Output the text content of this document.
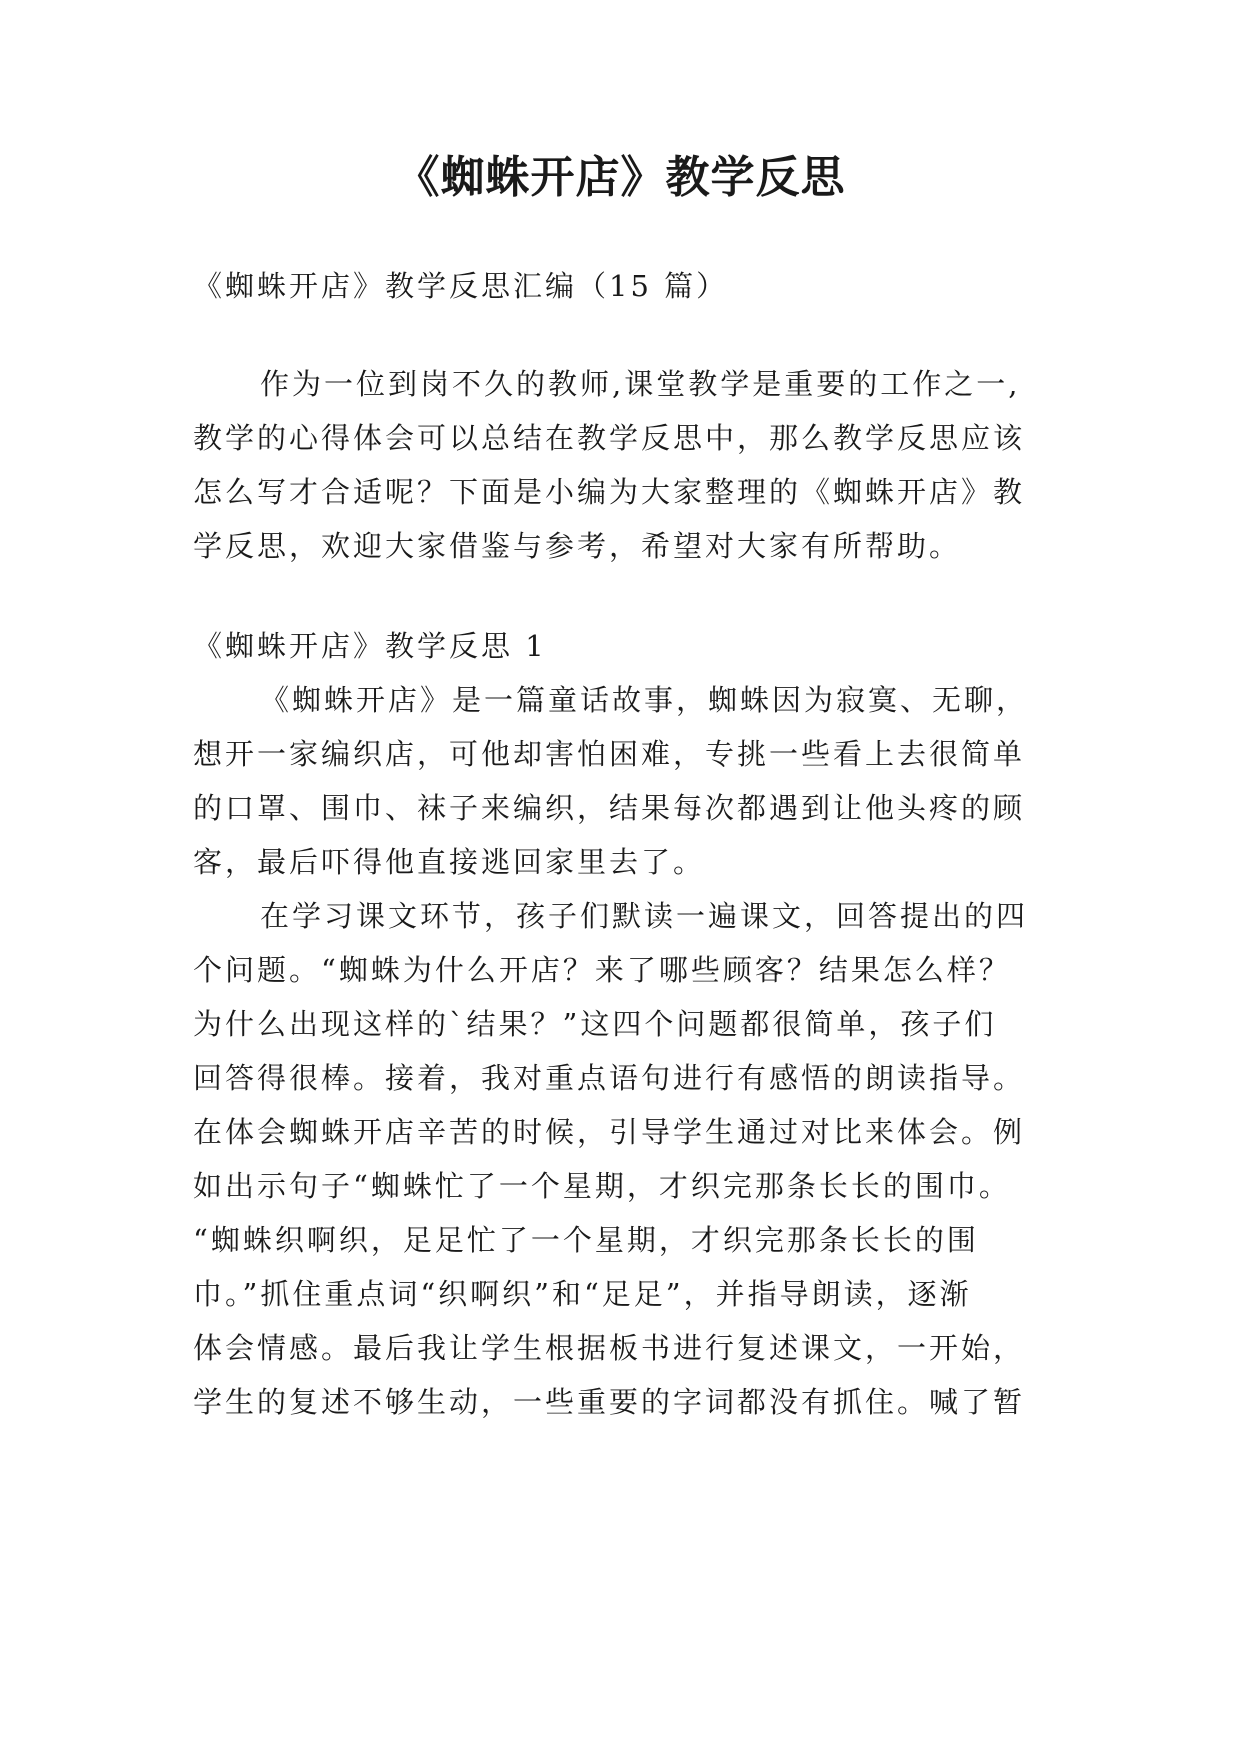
《蜘蛛开店》教学反思

《蜘蛛开店》教学反思汇编（15 篇）

作为一位到岗不久的教师,课堂教学是重要的工作之一,

教学的心得体会可以总结在教学反思中，那么教学反思应该

怎么写才合适呢？下面是小编为大家整理的《蜘蛛开店》教

学反思，欢迎大家借鉴与参考，希望对大家有所帮助。

《蜘蛛开店》教学反思 1

《蜘蛛开店》是一篇童话故事，蜘蛛因为寂寞、无聊，

想开一家编织店，可他却害怕困难，专挑一些看上去很简单

的口罩、围巾、袜子来编织，结果每次都遇到让他头疼的顾

客，最后吓得他直接逃回家里去了。

在学习课文环节，孩子们默读一遍课文，回答提出的四

个问题。“蜘蛛为什么开店？来了哪些顾客？结果怎么样？

为什么出现这样的`结果？”这四个问题都很简单，孩子们

回答得很棒。接着，我对重点语句进行有感悟的朗读指导。

在体会蜘蛛开店辛苦的时候，引导学生通过对比来体会。例

如出示句子“蜘蛛忙了一个星期，才织完那条长长的围巾。

“蜘蛛织啊织，足足忙了一个星期，才织完那条长长的围

巾。”抓住重点词“织啊织”和“足足”，并指导朗读，逐渐

体会情感。最后我让学生根据板书进行复述课文，一开始，

学生的复述不够生动，一些重要的字词都没有抓住。喊了暂
